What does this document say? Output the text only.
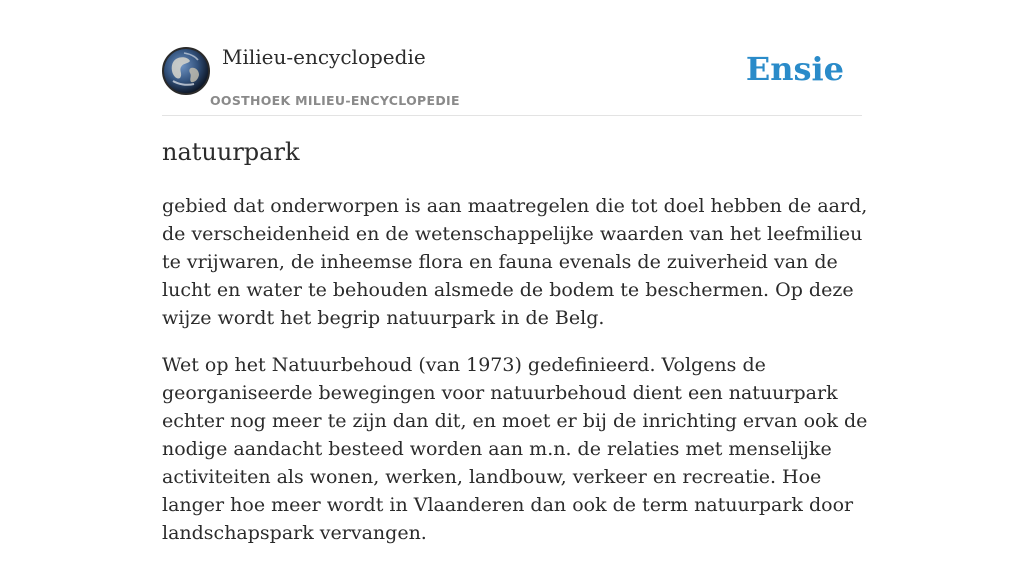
Milieu-encyclopedie
OOSTHOEK MILIEU-ENCYCLOPEDIE
Ensie
natuurpark

gebied dat onderworpen is aan maatregelen die tot doel hebben de aard, de verscheidenheid en de wetenschappelijke waarden van het leefmilieu te vrijwaren, de inheemse flora en fauna evenals de zuiverheid van de lucht en water te behouden alsmede de bodem te beschermen. Op deze wijze wordt het begrip natuurpark in de Belg.

Wet op het Natuurbehoud (van 1973) gedefinieerd. Volgens de georganiseerde bewegingen voor natuurbehoud dient een natuurpark echter nog meer te zijn dan dit, en moet er bij de inrichting ervan ook de nodige aandacht besteed worden aan m.n. de relaties met menselijke activiteiten als wonen, werken, landbouw, verkeer en recreatie. Hoe langer hoe meer wordt in Vlaanderen dan ook de term natuurpark door landschapspark vervangen.
